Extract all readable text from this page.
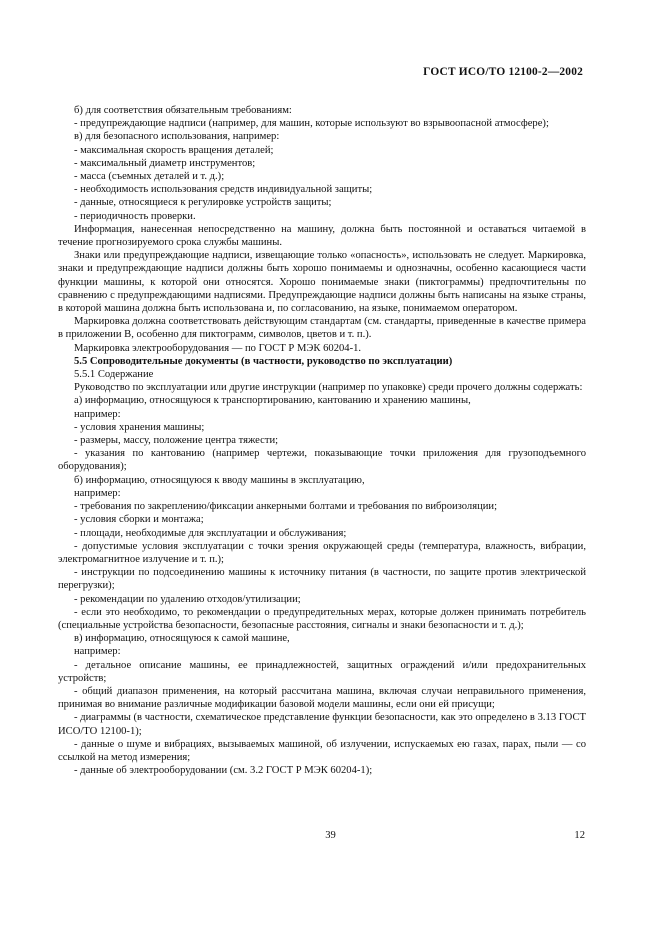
ГОСТ ИСО/ТО 12100-2—2002

б) для соответствия обязательным требованиям:

- предупреждающие надписи (например, для машин, которые используют во взрывоопасной атмосфере);

в) для безопасного использования, например:

- максимальная скорость вращения деталей;

- максимальный диаметр инструментов;

- масса (съемных деталей и т. д.);

- необходимость использования средств индивидуальной защиты;

- данные, относящиеся к регулировке устройств защиты;

- периодичность проверки.

Информация, нанесенная непосредственно на машину, должна быть постоянной и оставаться читаемой в течение прогнозируемого срока службы машины.

Знаки или предупреждающие надписи, извещающие только «опасность», использовать не следует. Маркировка, знаки и предупреждающие надписи должны быть хорошо понимаемы и однозначны, особенно касающиеся части функции машины, к которой они относятся. Хорошо понимаемые знаки (пиктограммы) предпочтительны по сравнению с предупреждающими надписями. Предупреждающие надписи должны быть написаны на языке страны, в которой машина должна быть использована и, по согласованию, на языке, понимаемом оператором.

Маркировка должна соответствовать действующим стандартам (см. стандарты, приведенные в качестве примера в приложении В, особенно для пиктограмм, символов, цветов и т. п.).

Маркировка электрооборудования — по ГОСТ Р МЭК 60204-1.

5.5 Сопроводительные документы (в частности, руководство по эксплуатации)

5.5.1 Содержание

Руководство по эксплуатации или другие инструкции (например по упаковке) среди прочего должны содержать:

а) информацию, относящуюся к транспортированию, кантованию и хранению машины,

например:

- условия хранения машины;

- размеры, массу, положение центра тяжести;

- указания по кантованию (например чертежи, показывающие точки приложения для грузоподъемного оборудования);

б) информацию, относящуюся к вводу машины в эксплуатацию,

например:

- требования по закреплению/фиксации анкерными болтами и требования по виброизоляции;

- условия сборки и монтажа;

- площади, необходимые для эксплуатации и обслуживания;

- допустимые условия эксплуатации с точки зрения окружающей среды (температура, влажность, вибрации, электромагнитное излучение и т. п.);

- инструкции по подсоединению машины к источнику питания (в частности, по защите против электрической перегрузки);

- рекомендации по удалению отходов/утилизации;

- если это необходимо, то рекомендации о предупредительных мерах, которые должен принимать потребитель (специальные устройства безопасности, безопасные расстояния, сигналы и знаки безопасности и т. д.);

в) информацию, относящуюся к самой машине,

например:

- детальное описание машины, ее принадлежностей, защитных ограждений и/или предохранительных устройств;

- общий диапазон применения, на который рассчитана машина, включая случаи неправильного применения, принимая во внимание различные модификации базовой модели машины, если они ей присущи;

- диаграммы (в частности, схематическое представление функции безопасности, как это определено в 3.13 ГОСТ ИСО/ТО 12100-1);

- данные о шуме и вибрациях, вызываемых машиной, об излучении, испускаемых ею газах, парах, пыли — со ссылкой на метод измерения;

- данные об электрооборудовании (см. 3.2 ГОСТ Р МЭК 60204-1);

39	12
